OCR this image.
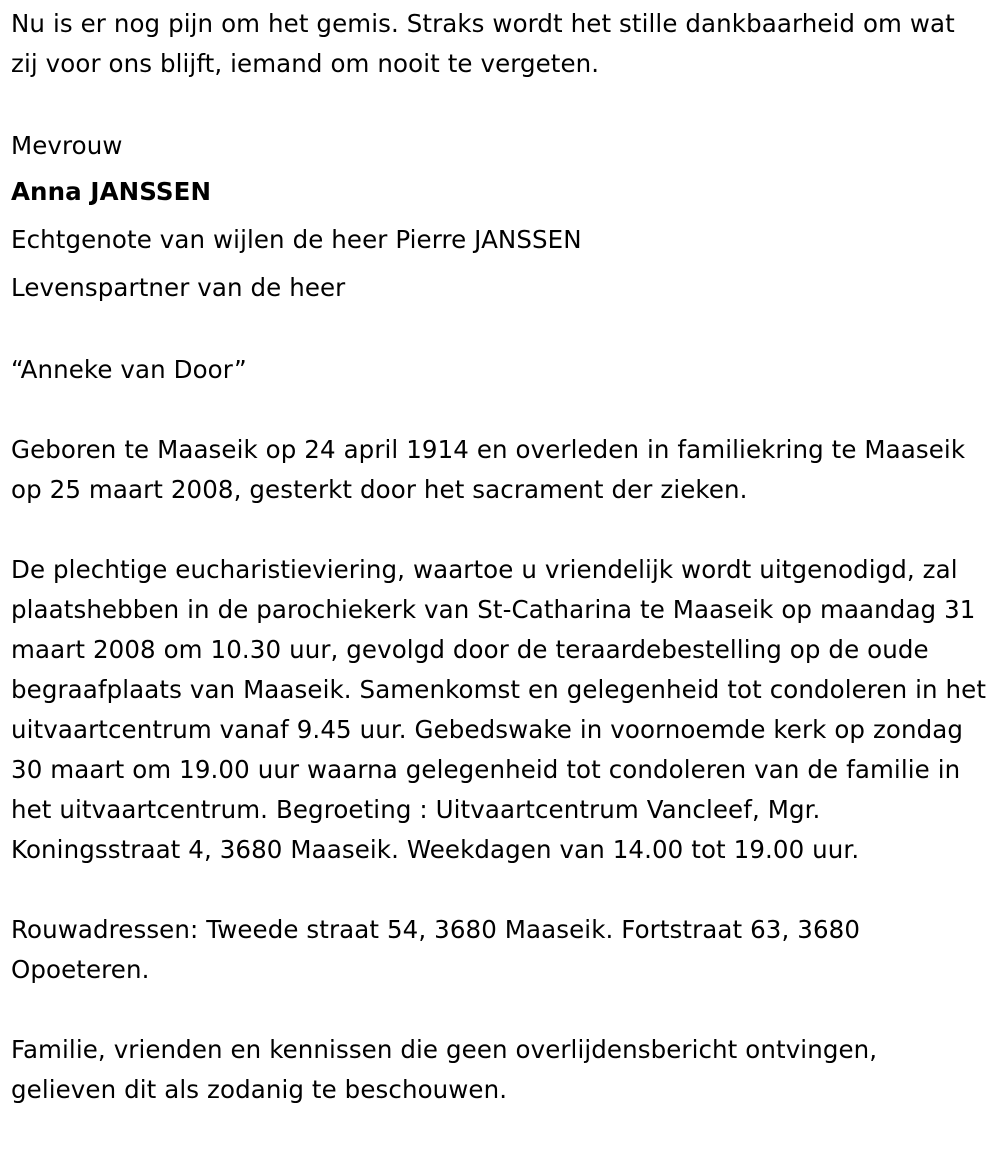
Nu is er nog pijn om het gemis. Straks wordt het stille dankbaarheid om wat zij voor ons blijft, iemand om nooit te vergeten.

Mevrouw

Anna JANSSEN

Echtgenote van wijlen de heer Pierre JANSSEN

Levenspartner van de heer

“Anneke van Door”

Geboren te Maaseik op 24 april 1914 en overleden in familiekring te Maaseik op 25 maart 2008, gesterkt door het sacrament der zieken.

De plechtige eucharistieviering, waartoe u vriendelijk wordt uitgenodigd, zal plaatshebben in de parochiekerk van St-Catharina te Maaseik op maandag 31 maart 2008 om 10.30 uur, gevolgd door de teraardebestelling op de oude begraafplaats van Maaseik. Samenkomst en gelegenheid tot condoleren in het uitvaartcentrum vanaf 9.45 uur. Gebedswake in voornoemde kerk op zondag 30 maart om 19.00 uur waarna gelegenheid tot condoleren van de familie in het uitvaartcentrum. Begroeting : Uitvaartcentrum Vancleef, Mgr. Koningsstraat 4, 3680 Maaseik. Weekdagen van 14.00 tot 19.00 uur.

Rouwadressen: Tweede straat 54, 3680 Maaseik. Fortstraat 63, 3680 Opoeteren.

Familie, vrienden en kennissen die geen overlijdensbericht ontvingen, gelieven dit als zodanig te beschouwen.
